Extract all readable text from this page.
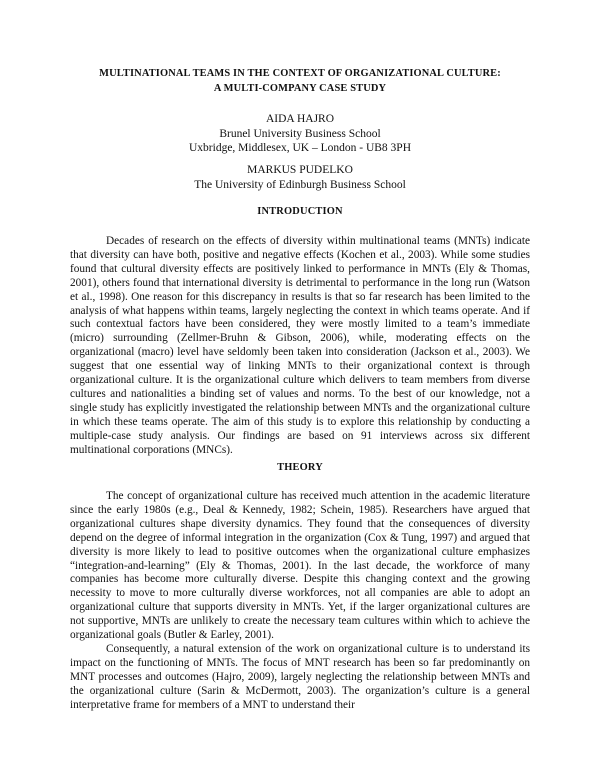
MULTINATIONAL TEAMS IN THE CONTEXT OF ORGANIZATIONAL CULTURE:
A MULTI-COMPANY CASE STUDY
AIDA HAJRO
Brunel University Business School
Uxbridge, Middlesex, UK – London - UB8 3PH
MARKUS PUDELKO
The University of Edinburgh Business School
INTRODUCTION

Decades of research on the effects of diversity within multinational teams (MNTs) indicate that diversity can have both, positive and negative effects (Kochen et al., 2003). While some studies found that cultural diversity effects are positively linked to performance in MNTs (Ely & Thomas, 2001), others found that international diversity is detrimental to performance in the long run (Watson et al., 1998). One reason for this discrepancy in results is that so far research has been limited to the analysis of what happens within teams, largely neglecting the context in which teams operate. And if such contextual factors have been considered, they were mostly limited to a team’s immediate (micro) surrounding (Zellmer-Bruhn & Gibson, 2006), while, moderating effects on the organizational (macro) level have seldomly been taken into consideration (Jackson et al., 2003). We suggest that one essential way of linking MNTs to their organizational context is through organizational culture. It is the organizational culture which delivers to team members from diverse cultures and nationalities a binding set of values and norms. To the best of our knowledge, not a single study has explicitly investigated the relationship between MNTs and the organizational culture in which these teams operate. The aim of this study is to explore this relationship by conducting a multiple-case study analysis. Our findings are based on 91 interviews across six different multinational corporations (MNCs).

THEORY

The concept of organizational culture has received much attention in the academic literature since the early 1980s (e.g., Deal & Kennedy, 1982; Schein, 1985). Researchers have argued that organizational cultures shape diversity dynamics. They found that the consequences of diversity depend on the degree of informal integration in the organization (Cox & Tung, 1997) and argued that diversity is more likely to lead to positive outcomes when the organizational culture emphasizes “integration-and-learning” (Ely & Thomas, 2001). In the last decade, the workforce of many companies has become more culturally diverse. Despite this changing context and the growing necessity to move to more culturally diverse workforces, not all companies are able to adopt an organizational culture that supports diversity in MNTs. Yet, if the larger organizational cultures are not supportive, MNTs are unlikely to create the necessary team cultures within which to achieve the organizational goals (Butler & Earley, 2001).

Consequently, a natural extension of the work on organizational culture is to understand its impact on the functioning of MNTs. The focus of MNT research has been so far predominantly on MNT processes and outcomes (Hajro, 2009), largely neglecting the relationship between MNTs and the organizational culture (Sarin & McDermott, 2003). The organization’s culture is a general interpretative frame for members of a MNT to understand their
